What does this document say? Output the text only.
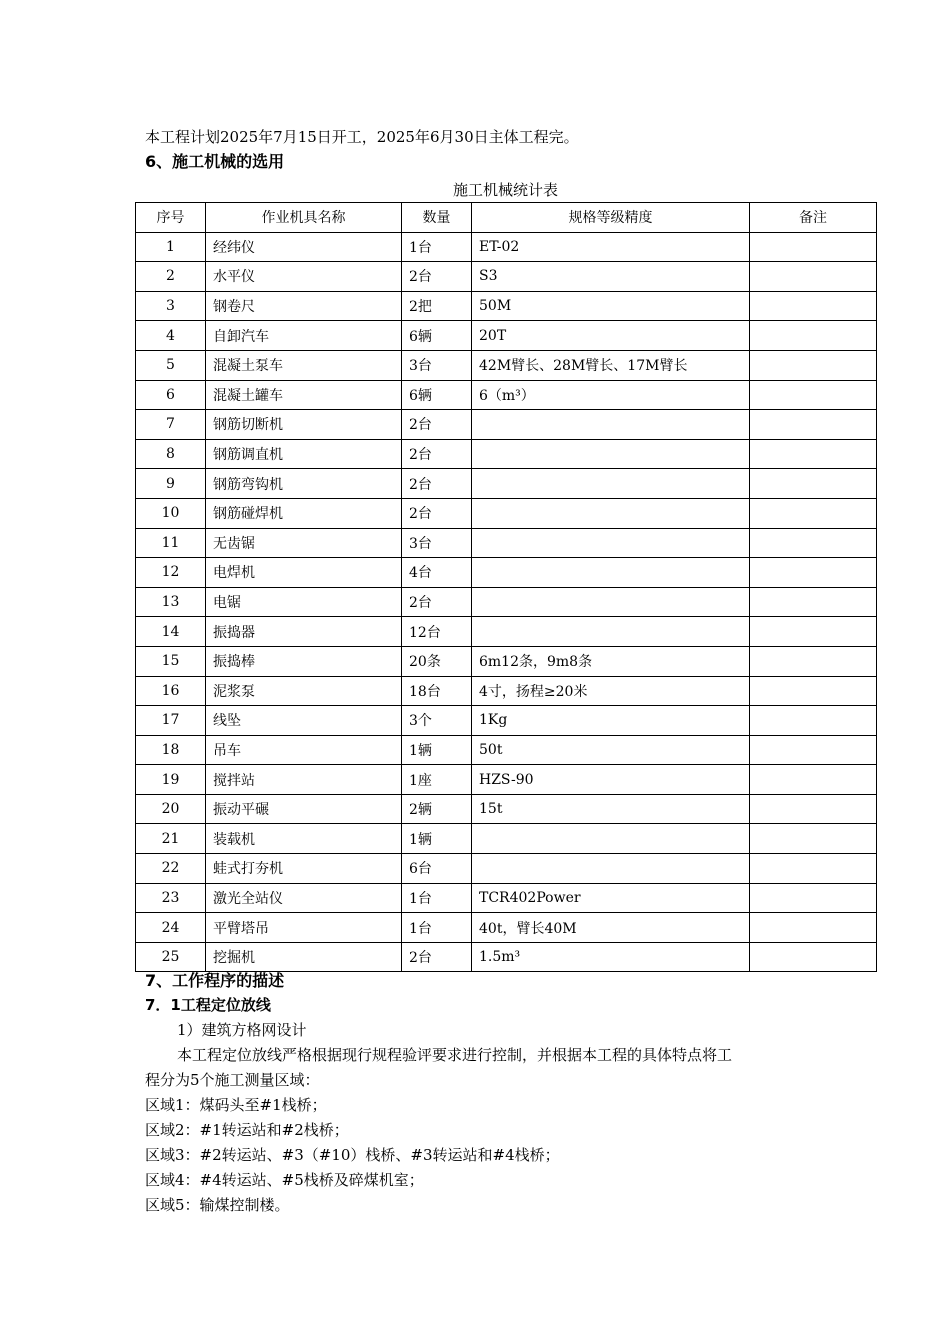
本工程计划2025年7月15日开工，2025年6月30日主体工程完。
6、施工机械的选用
施工机械统计表
序号	作业机具名称	数量	规格等级精度	备注
1	经纬仪	1台	ET-02	
2	水平仪	2台	S3	
3	钢卷尺	2把	50M	
4	自卸汽车	6辆	20T	
5	混凝土泵车	3台	42M臂长、28M臂长、17M臂长	
6	混凝土罐车	6辆	6（m³）	
7	钢筋切断机	2台		
8	钢筋调直机	2台		
9	钢筋弯钩机	2台		
10	钢筋碰焊机	2台		
11	无齿锯	3台		
12	电焊机	4台		
13	电锯	2台		
14	振捣器	12台		
15	振捣棒	20条	6m12条，9m8条	
16	泥浆泵	18台	4寸，扬程≥20米	
17	线坠	3个	1Kg	
18	吊车	1辆	50t	
19	搅拌站	1座	HZS-90	
20	振动平碾	2辆	15t	
21	装载机	1辆		
22	蛙式打夯机	6台		
23	激光全站仪	1台	TCR402Power	
24	平臂塔吊	1台	40t，臂长40M	
25	挖掘机	2台	1.5m³	
7、工作程序的描述
7．1工程定位放线
1）建筑方格网设计
本工程定位放线严格根据现行规程验评要求进行控制，并根据本工程的具体特点将工
程分为5个施工测量区域：
区域1：煤码头至#1栈桥；
区域2：#1转运站和#2栈桥；
区域3：#2转运站、#3（#10）栈桥、#3转运站和#4栈桥；
区域4：#4转运站、#5栈桥及碎煤机室；
区域5：输煤控制楼。
